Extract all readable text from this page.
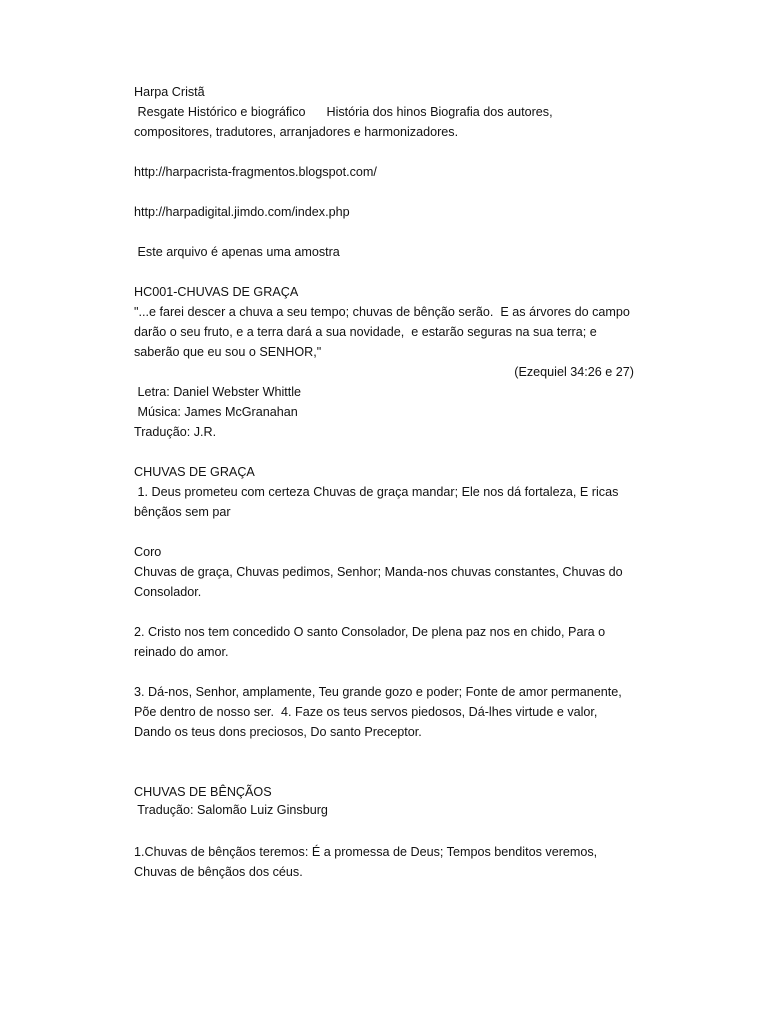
Harpa Cristã
Resgate Histórico e biográfico      História dos hinos Biografia dos autores,
compositores, tradutores, arranjadores e harmonizadores.
http://harpacrista-fragmentos.blogspot.com/
http://harpadigital.jimdo.com/index.php
Este arquivo é apenas uma amostra
HC001-CHUVAS DE GRAÇA
"...e farei descer a chuva a seu tempo; chuvas de bênção serão.  E as árvores do campo
darão o seu fruto, e a terra dará a sua novidade,  e estarão seguras na sua terra; e
saberão que eu sou o SENHOR,"
(Ezequiel 34:26 e 27)
Letra: Daniel Webster Whittle
Música: James McGranahan
Tradução: J.R.
CHUVAS DE GRAÇA
1. Deus prometeu com certeza Chuvas de graça mandar; Ele nos dá fortaleza, E ricas
bênçãos sem par
Coro
Chuvas de graça, Chuvas pedimos, Senhor; Manda-nos chuvas constantes, Chuvas do
Consolador.
2. Cristo nos tem concedido O santo Consolador, De plena paz nos en chido, Para o
reinado do amor.
3. Dá-nos, Senhor, amplamente, Teu grande gozo e poder; Fonte de amor permanente,
Põe dentro de nosso ser.  4. Faze os teus servos piedosos, Dá-lhes virtude e valor,
Dando os teus dons preciosos, Do santo Preceptor.
CHUVAS DE BÊNÇÃOS
Tradução: Salomão Luiz Ginsburg
1.Chuvas de bênçãos teremos: É a promessa de Deus; Tempos benditos veremos,
Chuvas de bênçãos dos céus.
